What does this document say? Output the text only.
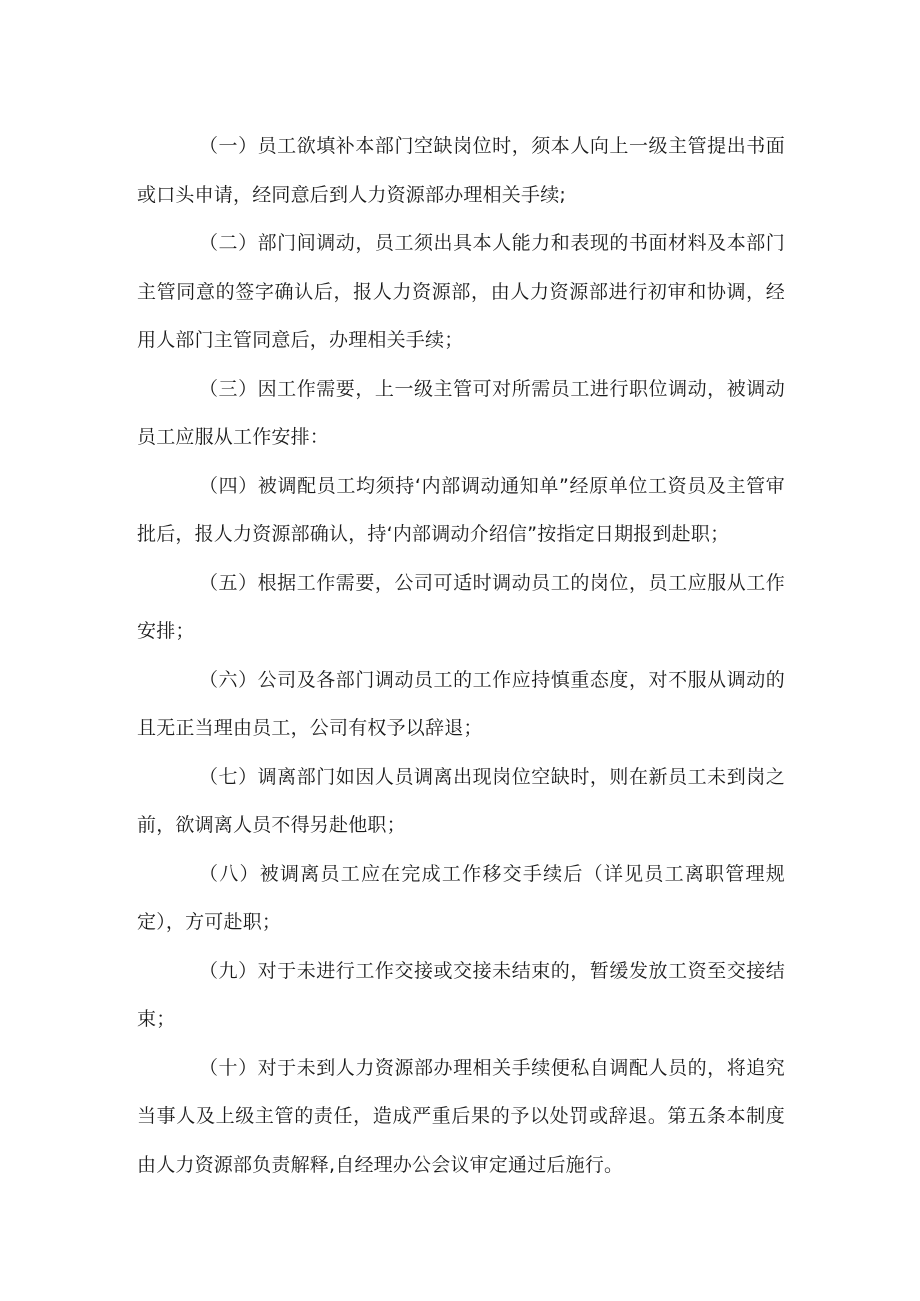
（一）员工欲填补本部门空缺岗位时，须本人向上一级主管提出书面或口头申请，经同意后到人力资源部办理相关手续;

（二）部门间调动，员工须出具本人能力和表现的书面材料及本部门主管同意的签字确认后，报人力资源部，由人力资源部进行初审和协调，经用人部门主管同意后，办理相关手续；

（三）因工作需要，上一级主管可对所需员工进行职位调动，被调动员工应服从工作安排：

（四）被调配员工均须持‘内部调动通知单”经原单位工资员及主管审批后，报人力资源部确认，持‘内部调动介绍信”按指定日期报到赴职；

（五）根据工作需要，公司可适时调动员工的岗位，员工应服从工作安排；

（六）公司及各部门调动员工的工作应持慎重态度，对不服从调动的且无正当理由员工，公司有权予以辞退；

（七）调离部门如因人员调离出现岗位空缺时，则在新员工未到岗之前，欲调离人员不得另赴他职；

（八）被调离员工应在完成工作移交手续后（详见员工离职管理规定），方可赴职；

（九）对于未进行工作交接或交接未结束的，暂缓发放工资至交接结束；

（十）对于未到人力资源部办理相关手续便私自调配人员的，将追究当事人及上级主管的责任，造成严重后果的予以处罚或辞退。第五条本制度由人力资源部负责解释,自经理办公会议审定通过后施行。
